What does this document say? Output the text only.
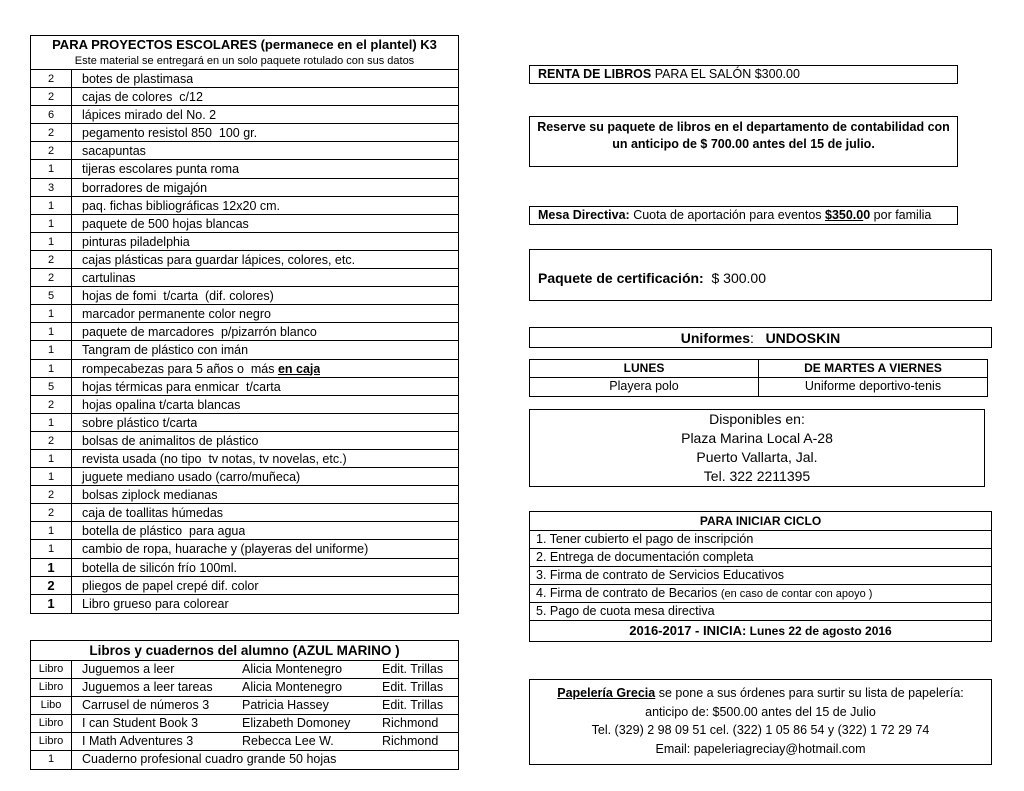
PARA PROYECTOS ESCOLARES (permanece en el plantel) K3
Este material se entregará en un solo paquete rotulado con sus datos
2	botes de plastimasa
2	cajas de colores  c/12
6	lápices mirado del No. 2
2	pegamento resistol 850  100 gr.
2	sacapuntas
1	tijeras escolares punta roma
3	borradores de migajón
1	paq. fichas bibliográficas 12x20 cm.
1	paquete de 500 hojas blancas
1	pinturas piladelphia
2	cajas plásticas para guardar lápices, colores, etc.
2	cartulinas
5	hojas de fomi  t/carta  (dif. colores)
1	marcador permanente color negro
1	paquete de marcadores  p/pizarrón blanco
1	Tangram de plástico con imán
1	rompecabezas para 5 años o  más en caja
5	hojas térmicas para enmicar  t/carta
2	hojas opalina t/carta blancas
1	sobre plástico t/carta
2	bolsas de animalitos de plástico
1	revista usada (no tipo  tv notas, tv novelas, etc.)
1	juguete mediano usado (carro/muñeca)
2	bolsas ziplock medianas
2	caja de toallitas húmedas
1	botella de plástico  para agua
1	cambio de ropa, huarache y (playeras del uniforme)
1	botella de silicón frío 100ml.
2	pliegos de papel crepé dif. color
1	Libro grueso para colorear
Libros y cuadernos del alumno (AZUL MARINO )
Libro	Juguemos a leer	Alicia Montenegro	Edit. Trillas
Libro	Juguemos a leer tareas	Alicia Montenegro	Edit. Trillas
Libo	Carrusel de números 3	Patricia Hassey	Edit. Trillas
Libro	I can Student Book 3	Elizabeth Domoney	Richmond
Libro	I Math Adventures 3	Rebecca Lee W.	Richmond
1	Cuaderno profesional cuadro grande 50 hojas
RENTA DE LIBROS PARA EL SALÓN $300.00
Reserve su paquete de libros en el departamento de contabilidad con
un anticipo de $ 700.00 antes del 15 de julio.
Mesa Directiva: Cuota de aportación para eventos $350.00 por familia
Paquete de certificación:  $ 300.00
Uniformes:   UNDOSKIN
LUNES	DE MARTES A VIERNES
Playera polo	Uniforme deportivo-tenis
Disponibles en:
Plaza Marina Local A-28
Puerto Vallarta, Jal.
Tel. 322 2211395
PARA INICIAR CICLO
1. Tener cubierto el pago de inscripción
2. Entrega de documentación completa
3. Firma de contrato de Servicios Educativos
4. Firma de contrato de Becarios (en caso de contar con apoyo )
5. Pago de cuota mesa directiva
2016-2017 - INICIA: Lunes 22 de agosto 2016
Papelería Grecia se pone a sus órdenes para surtir su lista de papelería:
anticipo de: $500.00 antes del 15 de Julio
Tel. (329) 2 98 09 51 cel. (322) 1 05 86 54 y (322) 1 72 29 74
Email: papeleriagreciay@hotmail.com
